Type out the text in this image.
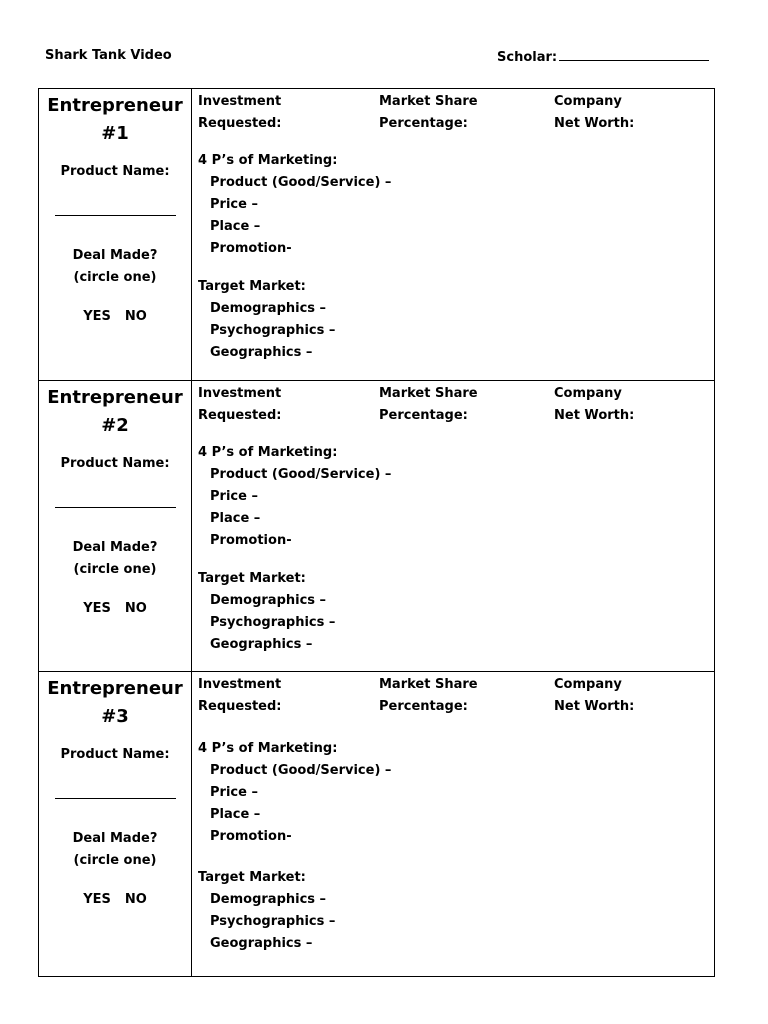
Shark Tank Video	Scholar:
Entrepreneur
#1
Product Name:
Deal Made?
(circle one)
YES NO
Investment
Requested:
Market Share
Percentage:
Company
Net Worth:
4 P’s of Marketing:
Product (Good/Service) –
Price –
Place –
Promotion-
Target Market:
Demographics –
Psychographics –
Geographics –
Entrepreneur
#2
Product Name:
Deal Made?
(circle one)
YES NO
Investment
Requested:
Market Share
Percentage:
Company
Net Worth:
4 P’s of Marketing:
Product (Good/Service) –
Price –
Place –
Promotion-
Target Market:
Demographics –
Psychographics –
Geographics –
Entrepreneur
#3
Product Name:
Deal Made?
(circle one)
YES NO
Investment
Requested:
Market Share
Percentage:
Company
Net Worth:
4 P’s of Marketing:
Product (Good/Service) –
Price –
Place –
Promotion-
Target Market:
Demographics –
Psychographics –
Geographics –
